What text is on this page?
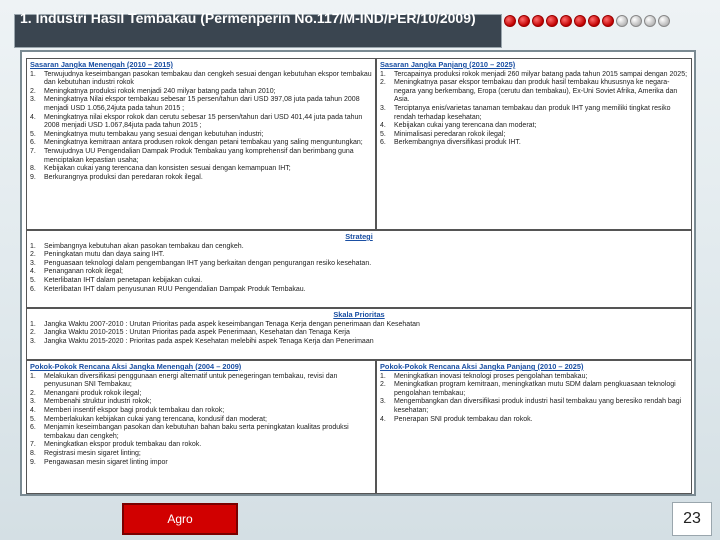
1. Industri Hasil Tembakau (Permenperin No.117/M-IND/PER/10/2009)
Sasaran Jangka Menengah (2010 – 2015)
1.	Terwujudnya keseimbangan pasokan tembakau dan cengkeh sesuai dengan kebutuhan ekspor tembakau dan kebutuhan industri rokok
2.	Meningkatnya produksi rokok menjadi 240 milyar batang pada tahun 2010;
3.	Meningkatnya Nilai ekspor tembakau sebesar 15 persen/tahun dari USD 397,08 juta pada tahun 2008 menjadi USD 1.056,24juta pada tahun 2015 ;
4.	Meningkatnya nilai ekspor rokok dan cerutu sebesar 15 persen/tahun dari USD 401,44 juta pada tahun 2008 menjadi USD 1.067,84juta pada tahun 2015 ;
5.	Meningkatnya mutu tembakau yang sesuai dengan kebutuhan industri;
6.	Meningkatnya kemitraan antara produsen rokok dengan petani tembakau yang saling menguntungkan;
7.	Terwujudnya UU Pengendalian Dampak Produk Tembakau yang komprehensif dan berimbang guna menciptakan kepastian usaha;
8.	Kebijakan cukai yang terencana dan konsisten sesuai dengan kemampuan IHT;
9.	Berkurangnya produksi dan peredaran rokok ilegal.
Sasaran Jangka Panjang (2010 – 2025)
1.	Tercapainya produksi rokok menjadi 260 milyar batang pada tahun 2015 sampai dengan 2025;
2.	Meningkatnya pasar ekspor tembakau dan produk hasil tembakau khususnya ke negara-negara yang berkembang, Eropa (cerutu dan tembakau), Ex-Uni Soviet Afrika, Amerika dan Asia.
3.	Terciptanya enis/varietas tanaman tembakau dan produk IHT yang memiliki tingkat resiko rendah terhadap kesehatan;
4.	Kebijakan cukai yang terencana dan moderat;
5.	Minimalisasi peredaran rokok ilegal;
6.	Berkembangnya diversifikasi produk IHT.
Strategi
1.	Seimbangnya kebutuhan akan pasokan tembakau dan cengkeh.
2.	Peningkatan mutu dan daya saing IHT.
3.	Penguasaan teknologi dalam pengembangan IHT yang berkaitan dengan pengurangan resiko kesehatan.
4.	Penanganan rokok ilegal;
5.	Keterlibatan IHT dalam penetapan kebijakan cukai.
6.	Keterlibatan IHT dalam penyusunan RUU Pengendalian Dampak Produk Tembakau.
Skala Prioritas
1.	Jangka Waktu 2007-2010 : Urutan Prioritas pada aspek keseimbangan Tenaga Kerja dengan penerimaan dan Kesehatan
2.	Jangka Waktu 2010-2015 : Urutan Prioritas pada aspek Penerimaan, Kesehatan dan Tenaga Kerja
3.	Jangka Waktu 2015-2020 : Prioritas pada aspek Kesehatan melebihi aspek Tenaga Kerja dan Penerimaan
Pokok-Pokok Rencana Aksi Jangka Menengah (2004 – 2009)
1.	Melakukan diversifikasi penggunaan energi alternatif untuk penegeringan tembakau, revisi dan penyusunan SNI Tembakau;
2.	Menangani produk rokok ilegal;
3.	Membenahi struktur industri rokok;
4.	Memberi insentif ekspor bagi produk tembakau dan rokok;
5.	Memberlakukan kebijakan cukai yang terencana, kondusif dan moderat;
6.	Menjamin keseimbangan pasokan dan kebutuhan bahan baku serta peningkatan kualitas produksi tembakau dan cengkeh;
7.	Meningkatkan ekspor produk tembakau dan rokok.
8.	Registrasi mesin sigaret linting;
9.	Pengawasan mesin sigaret linting impor
Pokok-Pokok Rencana Aksi Jangka Panjang (2010 – 2025)
1.	Meningkatkan inovasi teknologi proses pengolahan tembakau;
2.	Meningkatkan program kemitraan, meningkatkan mutu SDM dalam pengkuasaan teknologi pengolahan tembakau;
3.	Mengembangkan dan diversifikasi produk industri hasil tembakau yang beresiko rendah bagi kesehatan;
4.	Penerapan SNI produk tembakau dan rokok.
Agro	23
